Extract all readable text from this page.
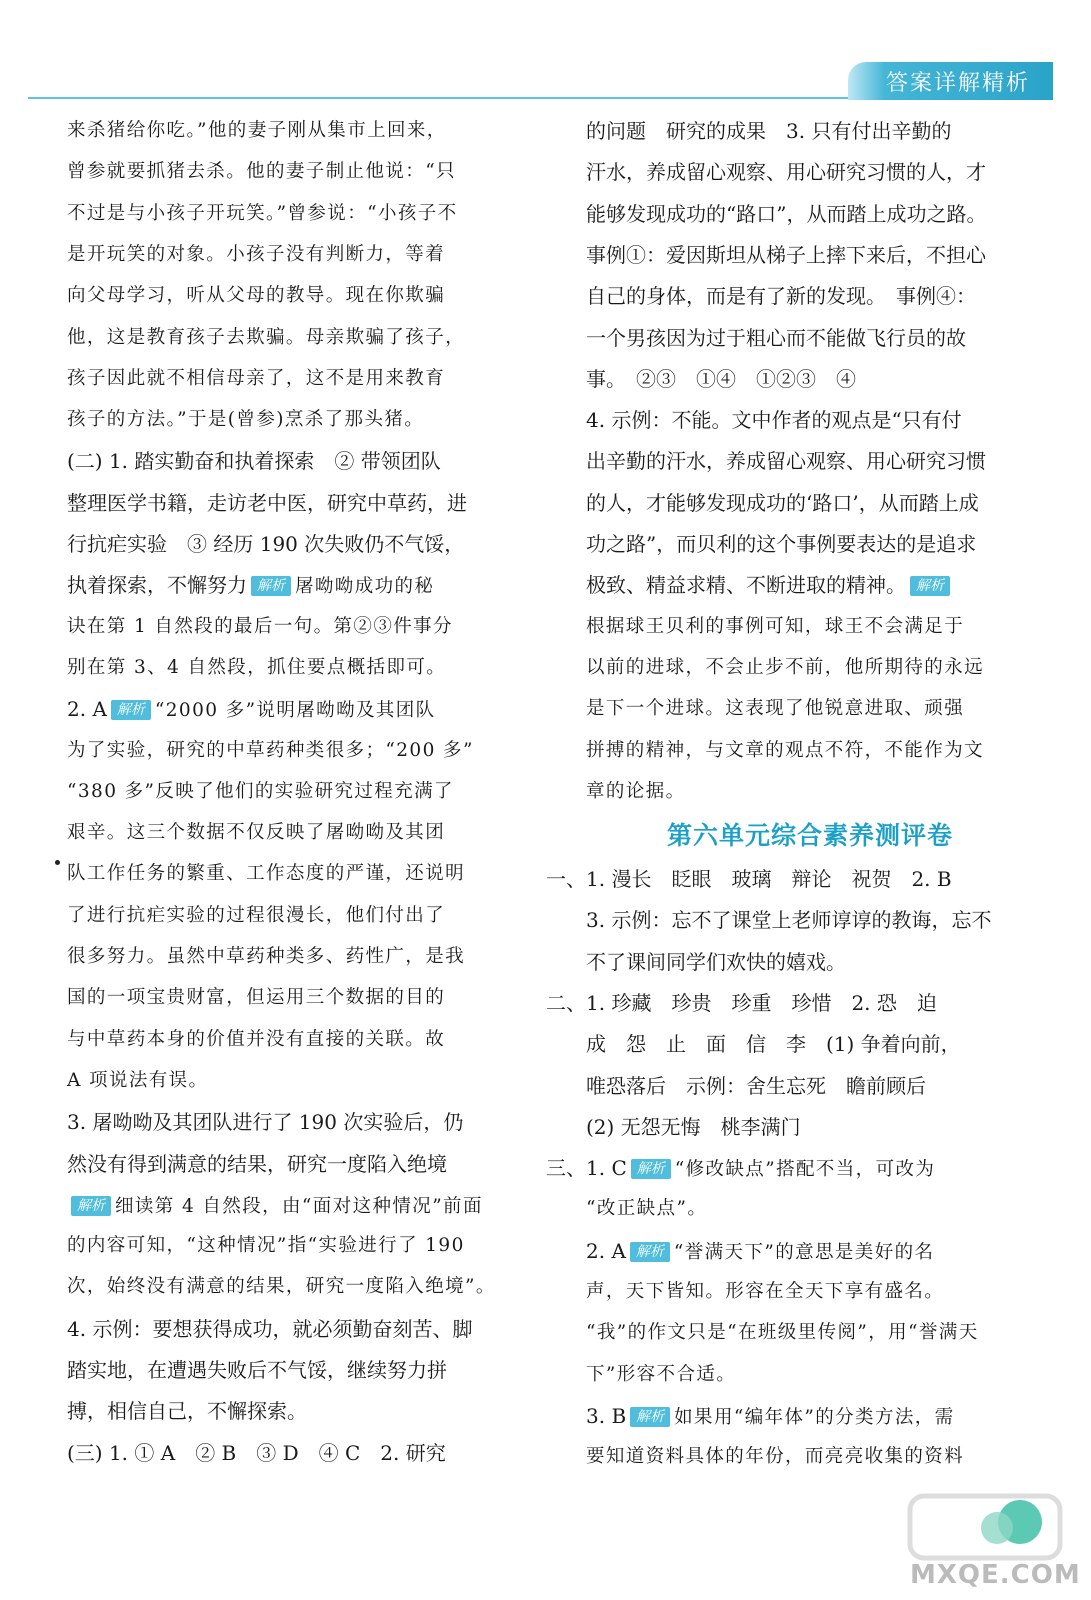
答案详解精析
来杀猪给你吃。”他的妻子刚从集市上回来，
曾参就要抓猪去杀。他的妻子制止他说：“只
不过是与小孩子开玩笑。”曾参说：“小孩子不
是开玩笑的对象。小孩子没有判断力，等着
向父母学习，听从父母的教导。现在你欺骗
他，这是教育孩子去欺骗。母亲欺骗了孩子，
孩子因此就不相信母亲了，这不是用来教育
孩子的方法。”于是(曾参)烹杀了那头猪。
(二) 1. 踏实勤奋和执着探索　② 带领团队
整理医学书籍，走访老中医，研究中草药，进
行抗疟实验　③ 经历 190 次失败仍不气馁，
执着探索，不懈努力 解析 屠呦呦成功的秘
诀在第 1 自然段的最后一句。第②③件事分
别在第 3、4 自然段，抓住要点概括即可。
2. A 解析 “2000 多”说明屠呦呦及其团队
为了实验，研究的中草药种类很多；“200 多”
“380 多”反映了他们的实验研究过程充满了
艰辛。这三个数据不仅反映了屠呦呦及其团
队工作任务的繁重、工作态度的严谨，还说明
了进行抗疟实验的过程很漫长，他们付出了
很多努力。虽然中草药种类多、药性广，是我
国的一项宝贵财富，但运用三个数据的目的
与中草药本身的价值并没有直接的关联。故
A 项说法有误。
3. 屠呦呦及其团队进行了 190 次实验后，仍
然没有得到满意的结果，研究一度陷入绝境
解析 细读第 4 自然段，由“面对这种情况”前面
的内容可知，“这种情况”指“实验进行了 190
次，始终没有满意的结果，研究一度陷入绝境”。
4. 示例：要想获得成功，就必须勤奋刻苦、脚
踏实地，在遭遇失败后不气馁，继续努力拼
搏，相信自己，不懈探索。
(三) 1. ① A　② B　③ D　④ C　2. 研究
的问题　研究的成果　3. 只有付出辛勤的
汗水，养成留心观察、用心研究习惯的人，才
能够发现成功的“路口”，从而踏上成功之路。
事例①：爱因斯坦从梯子上摔下来后，不担心
自己的身体，而是有了新的发现。　事例④：
一个男孩因为过于粗心而不能做飞行员的故
事。　②③　①④　①②③　④
4. 示例：不能。文中作者的观点是“只有付
出辛勤的汗水，养成留心观察、用心研究习惯
的人，才能够发现成功的‘路口’，从而踏上成
功之路”，而贝利的这个事例要表达的是追求
极致、精益求精、不断进取的精神。 解析
根据球王贝利的事例可知，球王不会满足于
以前的进球，不会止步不前，他所期待的永远
是下一个进球。这表现了他锐意进取、顽强
拼搏的精神，与文章的观点不符，不能作为文
章的论据。
一、1. 漫长　眨眼　玻璃　辩论　祝贺　2. B
3. 示例：忘不了课堂上老师谆谆的教诲，忘不
不了课间同学们欢快的嬉戏。
二、1. 珍藏　珍贵　珍重　珍惜　2. 恐　迫
成　怨　止　面　信　李　(1) 争着向前，
唯恐落后　示例：舍生忘死　瞻前顾后
(2) 无怨无悔　桃李满门
三、1. C 解析 “修改缺点”搭配不当，可改为
“改正缺点”。
2. A 解析 “誉满天下”的意思是美好的名
声，天下皆知。形容在全天下享有盛名。
“我”的作文只是“在班级里传阅”，用“誉满天
下”形容不合适。
3. B 解析 如果用“编年体”的分类方法，需
要知道资料具体的年份，而亮亮收集的资料
第六单元综合素养测评卷
MXQE.COM
